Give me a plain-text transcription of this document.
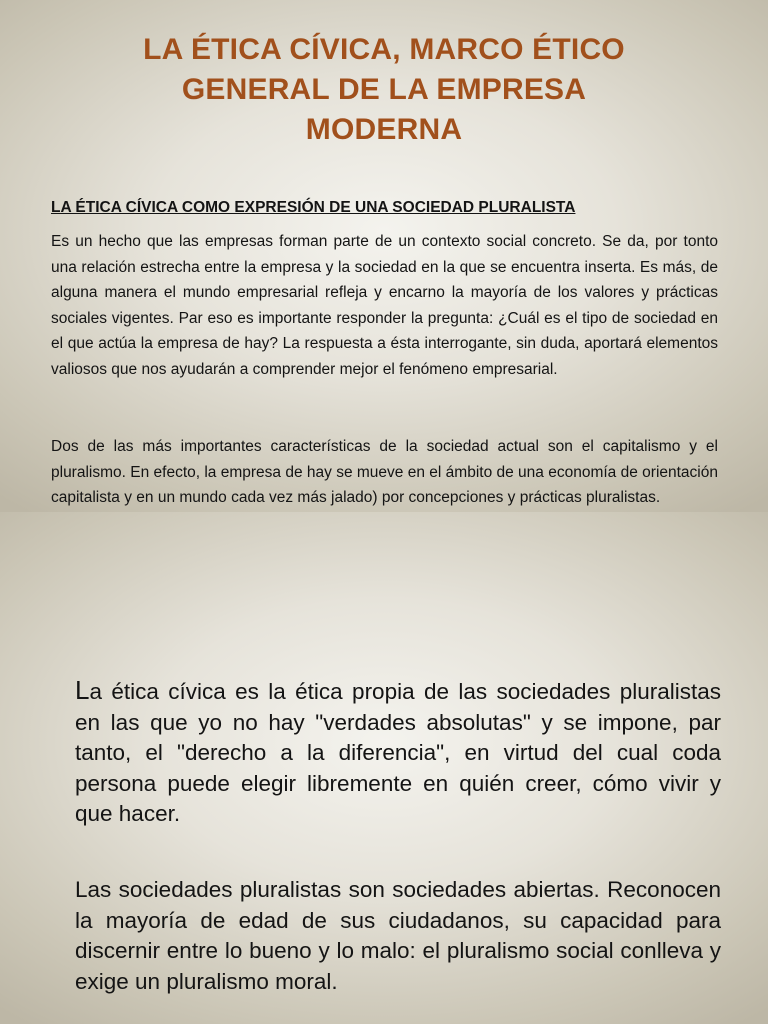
LA ÉTICA CÍVICA, MARCO ÉTICO
GENERAL DE LA EMPRESA
MODERNA
LA ÉTICA CÍVICA COMO EXPRESIÓN DE UNA SOCIEDAD PLURALISTA
Es un hecho que las empresas forman parte de un contexto social concreto. Se da, por tonto una relación estrecha entre la empresa y la sociedad en la que se encuentra inserta. Es más, de alguna manera el mundo empresarial refleja y encarno la mayoría de los valores y prácticas sociales vigentes. Par eso es importante responder la pregunta: ¿Cuál es el tipo de sociedad en el que actúa la empresa de hay? La respuesta a ésta interrogante, sin duda, aportará elementos valiosos que nos ayudarán a comprender mejor el fenómeno empresarial.
Dos de las más importantes características de la sociedad actual son el capitalismo y el pluralismo. En efecto, la empresa de hay se mueve en el ámbito de una economía de orientación capitalista y en un mundo cada vez más jalado) por concepciones y prácticas pluralistas.
La ética cívica es la ética propia de las sociedades pluralistas en las que yo no hay "verdades absolutas" y se impone, par tanto, el "derecho a la diferencia", en virtud del cual coda persona puede elegir libremente en quién creer, cómo vivir y que hacer.
Las sociedades pluralistas son sociedades abiertas. Reconocen la mayoría de edad de sus ciudadanos, su capacidad para discernir entre lo bueno y lo malo: el pluralismo social conlleva y exige un pluralismo moral.
